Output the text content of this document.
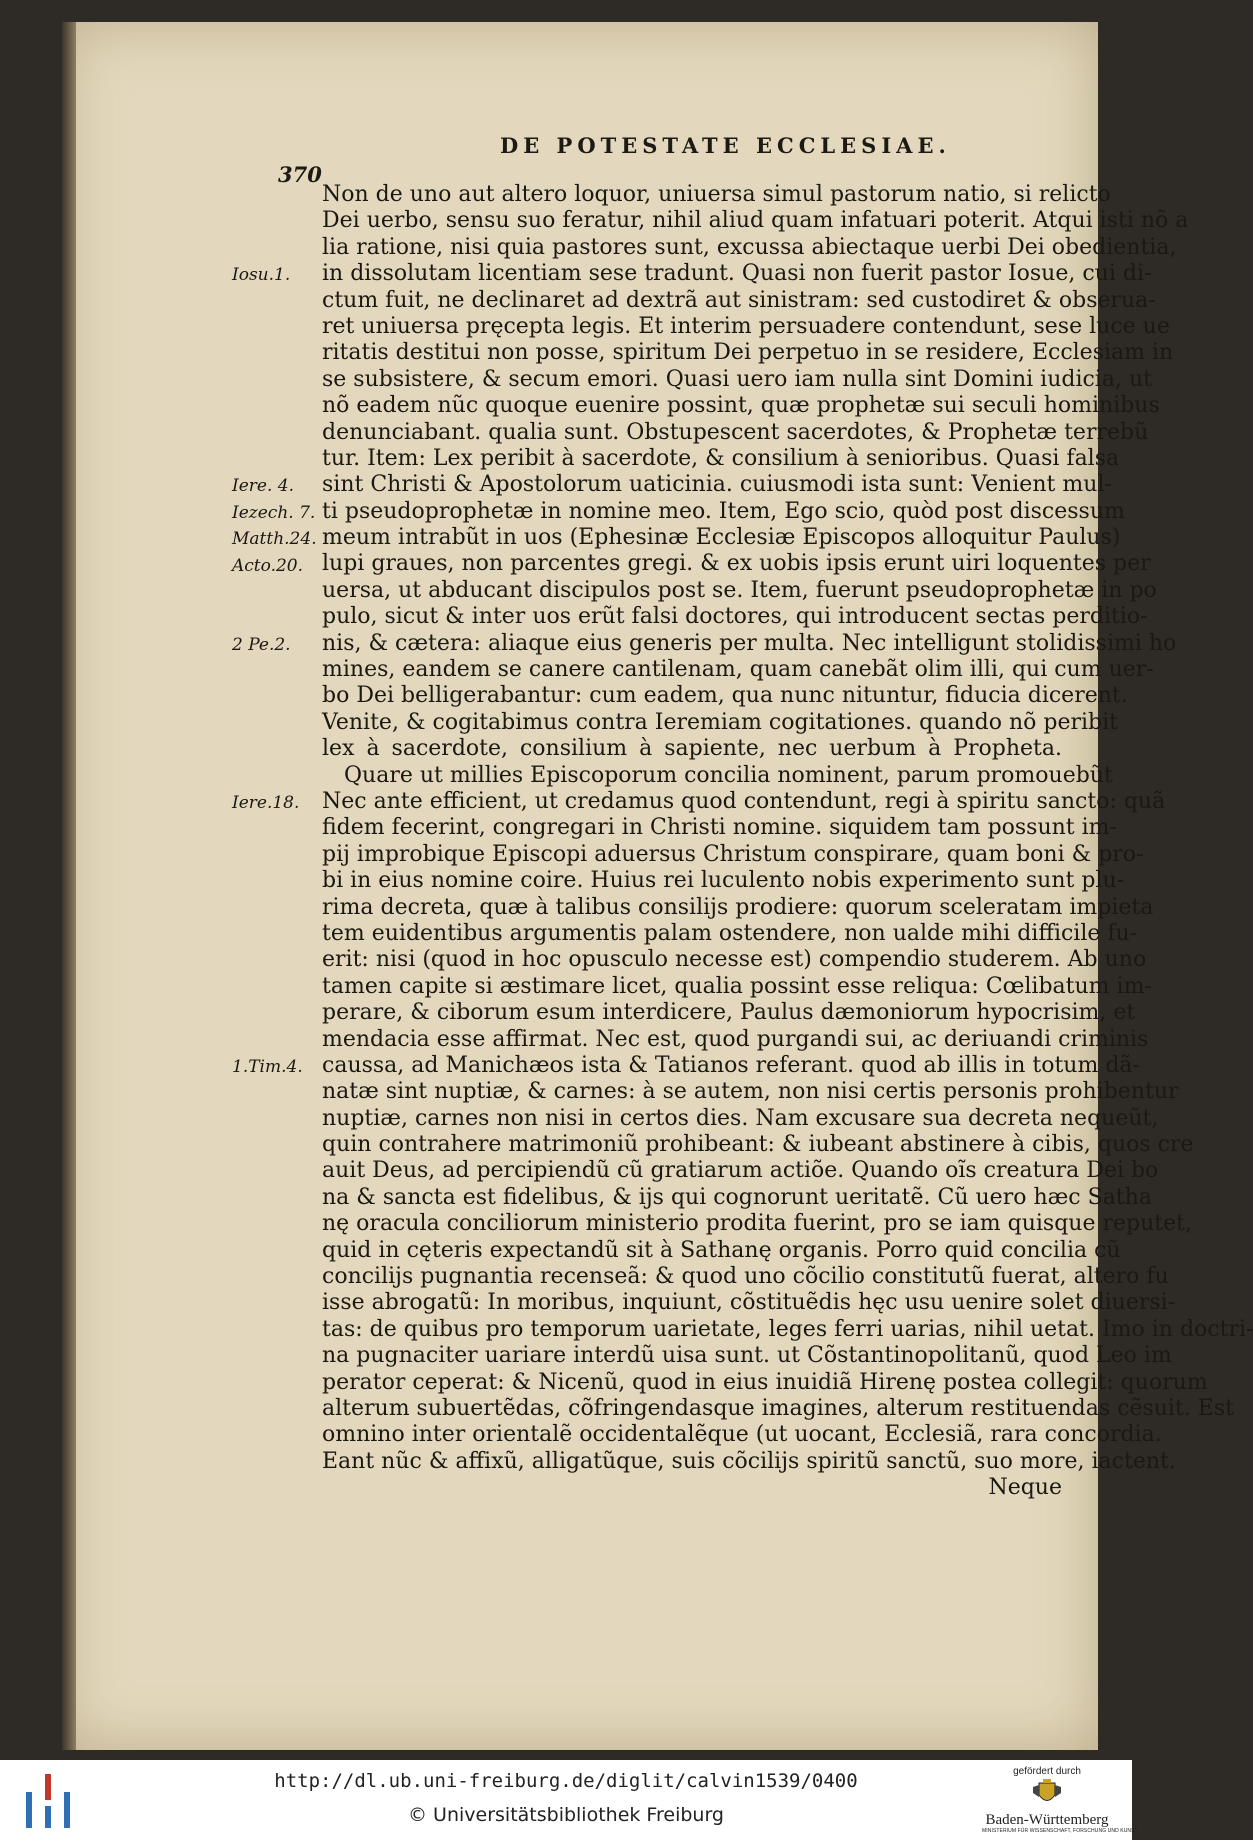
370
DE POTESTATE ECCLESIAE.
Non de uno aut altero loquor, uniuersa simul pastorum natio, si relicto
Dei uerbo, sensu suo feratur, nihil aliud quam infatuari poterit. Atqui isti nõ a
lia ratione, nisi quia pastores sunt, excussa abiectaque uerbi Dei obedientia,
in dissolutam licentiam sese tradunt. Quasi non fuerit pastor Iosue, cui di-
ctum fuit, ne declinaret ad dextrã aut sinistram: sed custodiret & obserua-
ret uniuersa pręcepta legis. Et interim persuadere contendunt, sese luce ue
ritatis destitui non posse, spiritum Dei perpetuo in se residere, Ecclesiam in
se subsistere, & secum emori. Quasi uero iam nulla sint Domini iudicia, ut
nõ eadem nũc quoque euenire possint, quæ prophetæ sui seculi hominibus
denunciabant. qualia sunt. Obstupescent sacerdotes, & Prophetæ terrebũ
tur. Item: Lex peribit à sacerdote, & consilium à senioribus. Quasi falsa
sint Christi & Apostolorum uaticinia. cuiusmodi ista sunt: Venient mul-
ti pseudoprophetæ in nomine meo. Item, Ego scio, quòd post discessum
meum intrabũt in uos (Ephesinæ Ecclesiæ Episcopos alloquitur Paulus)
lupi graues, non parcentes gregi. & ex uobis ipsis erunt uiri loquentes per
uersa, ut abducant discipulos post se. Item, fuerunt pseudoprophetæ in po
pulo, sicut & inter uos erũt falsi doctores, qui introducent sectas perditio-
nis, & cætera: aliaque eius generis per multa. Nec intelligunt stolidissimi ho
mines, eandem se canere cantilenam, quam canebãt olim illi, qui cum uer-
bo Dei belligerabantur: cum eadem, qua nunc nituntur, fiducia dicerent.
Venite, & cogitabimus contra Ieremiam cogitationes. quando nõ peribit
lex à sacerdote, consilium à sapiente, nec uerbum à Propheta.
Quare ut millies Episcoporum concilia nominent, parum promouebũt
Nec ante efficient, ut credamus quod contendunt, regi à spiritu sancto: quã
fidem fecerint, congregari in Christi nomine. siquidem tam possunt im-
pij improbique Episcopi aduersus Christum conspirare, quam boni & pro-
bi in eius nomine coire. Huius rei luculento nobis experimento sunt plu-
rima decreta, quæ à talibus consilijs prodiere: quorum sceleratam impieta
tem euidentibus argumentis palam ostendere, non ualde mihi difficile fu-
erit: nisi (quod in hoc opusculo necesse est) compendio studerem. Ab uno
tamen capite si æstimare licet, qualia possint esse reliqua: Cœlibatum im-
perare, & ciborum esum interdicere, Paulus dæmoniorum hypocrisim, et
mendacia esse affirmat. Nec est, quod purgandi sui, ac deriuandi criminis
caussa, ad Manichæos ista & Tatianos referant. quod ab illis in totum dã-
natæ sint nuptiæ, & carnes: à se autem, non nisi certis personis prohibentur
nuptiæ, carnes non nisi in certos dies. Nam excusare sua decreta nequeũt,
quin contrahere matrimoniũ prohibeant: & iubeant abstinere à cibis, quos cre
auit Deus, ad percipiendũ cũ gratiarum actiõe. Quando oĩs creatura Dei bo
na & sancta est fidelibus, & ijs qui cognorunt ueritatẽ. Cũ uero hæc Satha
nę oracula conciliorum ministerio prodita fuerint, pro se iam quisque reputet,
quid in cęteris expectandũ sit à Sathanę organis. Porro quid concilia cũ
concilijs pugnantia recenseã: & quod uno cõcilio constitutũ fuerat, altero fu
isse abrogatũ: In moribus, inquiunt, cõstituẽdis hęc usu uenire solet diuersi-
tas: de quibus pro temporum uarietate, leges ferri uarias, nihil uetat. Imo in doctri-
na pugnaciter uariare interdũ uisa sunt. ut Cõstantinopolitanũ, quod Leo im
perator ceperat: & Nicenũ, quod in eius inuidiã Hirenę postea collegit: quorum
alterum subuertẽdas, cõfringendasque imagines, alterum restituendas cẽsuit. Est
omnino inter orientalẽ occidentalẽque (ut uocant, Ecclesiã, rara concordia.
Eant nũc & affixũ, alligatũque, suis cõcilijs spiritũ sanctũ, suo more, iactent.
Neque
Iosu.1.
Iere. 4.
Iezech. 7.
Matth.24.
Acto.20.
2 Pe.2.
Iere.18.
1.Tim.4.
http://dl.ub.uni-freiburg.de/diglit/calvin1539/0400
© Universitätsbibliothek Freiburg
gefördert durch
Baden-Württemberg
MINISTERIUM FÜR WISSENSCHAFT, FORSCHUNG UND KUNST
